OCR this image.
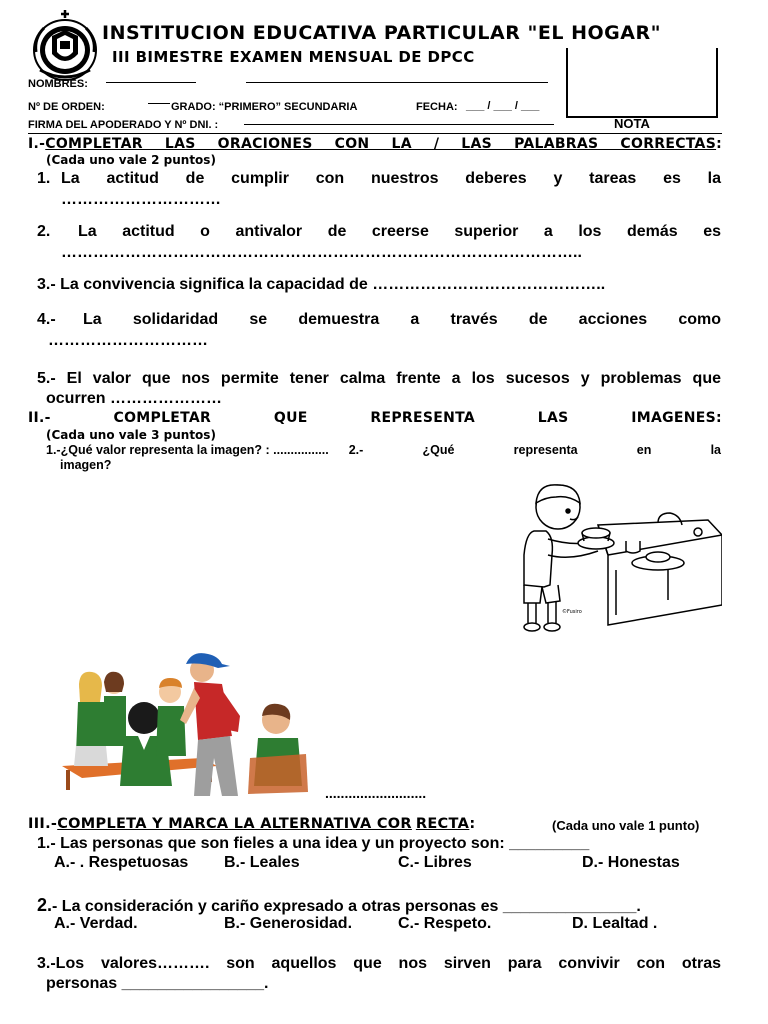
INSTITUCION EDUCATIVA PARTICULAR "EL HOGAR"
III BIMESTRE EXAMEN MENSUAL DE DPCC
NOTA
NOMBRES:
Nº DE ORDEN:	GRADO: “PRIMERO” SECUNDARIA	FECHA: ___ / ___ / ___
FIRMA DEL APODERADO Y Nº DNI. :
I.- COMPLETAR LAS ORACIONES CON LA / LAS PALABRAS CORRECTAS :
(Cada uno vale 2 puntos)
1. La actitud de cumplir con nuestros deberes y tareas es la
…………………………
2.	La actitud o antivalor de creerse superior a los demás es
……………………………………………………………………………………..
3.- La convivencia significa la capacidad de ……………………………………..
4.-	La solidaridad se demuestra a través de acciones como
…………………………
5.- El valor que nos permite tener calma frente a los sucesos y problemas que
ocurren …………………
II.-	COMPLETAR	QUE	REPRESENTA	LAS	IMAGENES:
(Cada uno vale 3 puntos)
1.-¿Qué valor representa la imagen? : ................	2.- ¿Qué representa en la
imagen?
©Fusiro
..........................
III.-COMPLETA Y MARCA LA ALTERNATIVA COR RECTA:	(Cada uno vale 1 punto)
1.- Las personas que son fieles a una idea y un proyecto son: _________
A.- . Respetuosas	B.- Leales	C.- Libres	D.- Honestas
2.- La consideración y cariño expresado a otras personas es _______________.
A.- Verdad.	B.- Generosidad.	C.- Respeto.	D. Lealtad .
3.-Los valores………. son aquellos que nos sirven para convivir con otras
personas ________________.
